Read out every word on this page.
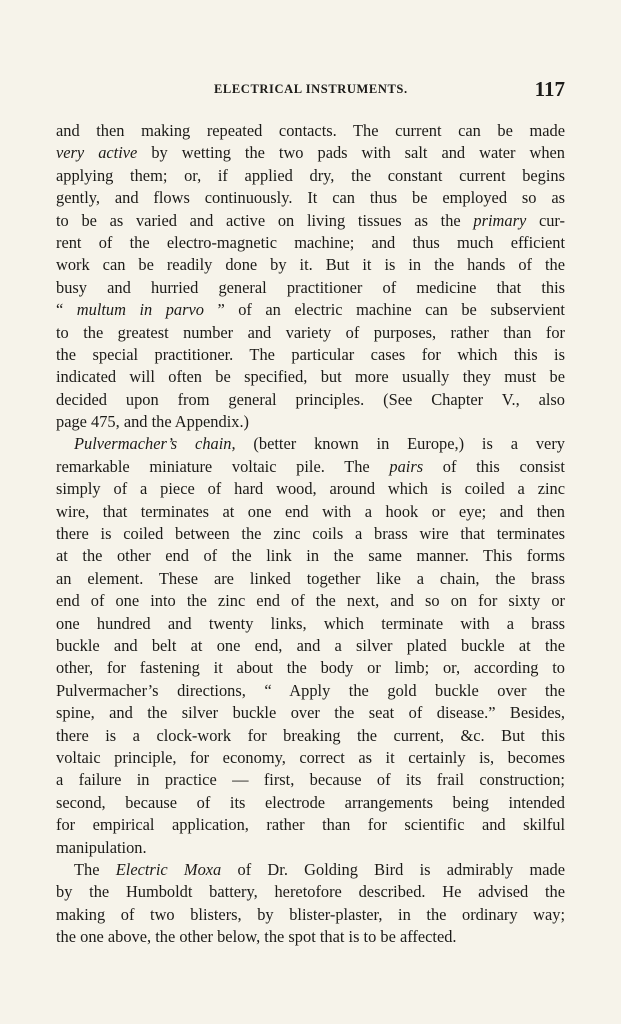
ELECTRICAL INSTRUMENTS.	117
and then making repeated contacts. The current can be made
very active by wetting the two pads with salt and water when
applying them; or, if applied dry, the constant current begins
gently, and flows continuously. It can thus be employed so as
to be as varied and active on living tissues as the primary cur-
rent of the electro-magnetic machine; and thus much efficient
work can be readily done by it. But it is in the hands of the
busy and hurried general practitioner of medicine that this
“ multum in parvo ” of an electric machine can be subservient
to the greatest number and variety of purposes, rather than for
the special practitioner. The particular cases for which this is
indicated will often be specified, but more usually they must be
decided upon from general principles. (See Chapter V., also
page 475, and the Appendix.)
Pulvermacher’s chain, (better known in Europe,) is a very
remarkable miniature voltaic pile. The pairs of this consist
simply of a piece of hard wood, around which is coiled a zinc
wire, that terminates at one end with a hook or eye; and then
there is coiled between the zinc coils a brass wire that terminates
at the other end of the link in the same manner. This forms
an element. These are linked together like a chain, the brass
end of one into the zinc end of the next, and so on for sixty or
one hundred and twenty links, which terminate with a brass
buckle and belt at one end, and a silver plated buckle at the
other, for fastening it about the body or limb; or, according to
Pulvermacher’s directions, “ Apply the gold buckle over the
spine, and the silver buckle over the seat of disease.” Besides,
there is a clock-work for breaking the current, &c. But this
voltaic principle, for economy, correct as it certainly is, becomes
a failure in practice — first, because of its frail construction;
second, because of its electrode arrangements being intended
for empirical application, rather than for scientific and skilful
manipulation.
The Electric Moxa of Dr. Golding Bird is admirably made
by the Humboldt battery, heretofore described. He advised the
making of two blisters, by blister-plaster, in the ordinary way;
the one above, the other below, the spot that is to be affected.
